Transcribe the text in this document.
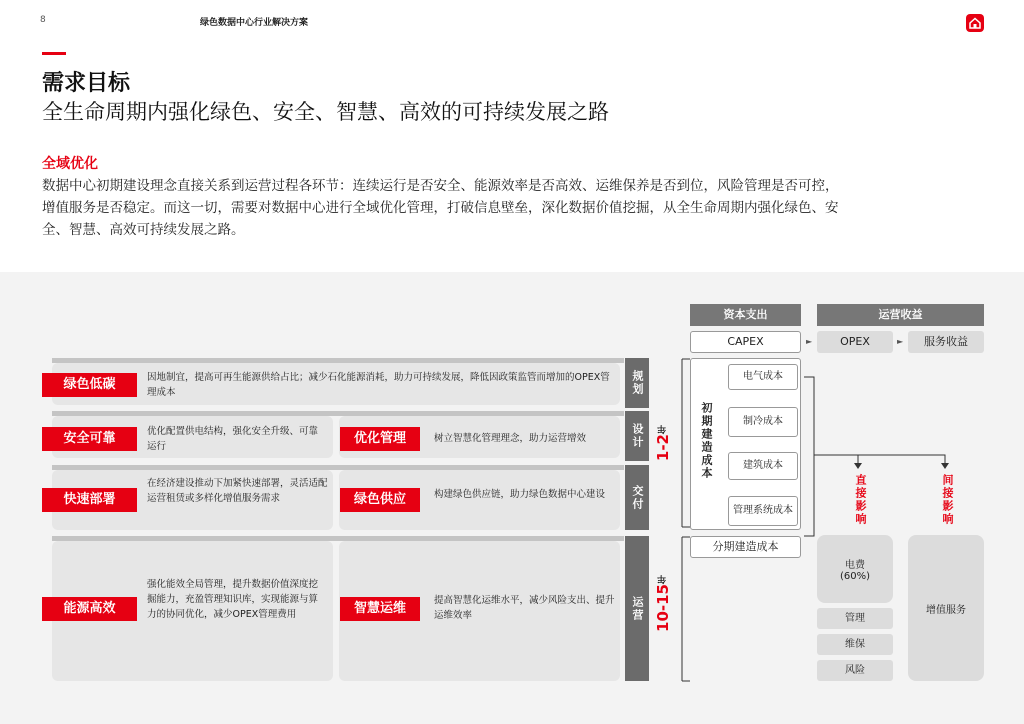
8	绿色数据中心行业解决方案
需求目标
全生命周期内强化绿色、安全、智慧、高效的可持续发展之路
全域优化
数据中心初期建设理念直接关系到运营过程各环节：连续运行是否安全、能源效率是否高效、运维保养是否到位，风险管理是否可控，增值服务是否稳定。而这一切，需要对数据中心进行全域优化管理，打破信息壁垒，深化数据价值挖掘，从全生命周期内强化绿色、安全、智慧、高效可持续发展之路。
绿色低碳	因地制宜，提高可再生能源供给占比；减少石化能源消耗，助力可持续发展，降低因政策监管而增加的OPEX管理成本	规划
安全可靠	优化配置供电结构，强化安全升级、可靠运行
优化管理	树立智慧化管理理念，助力运营增效	设计
快速部署
在经济建设推动下加紧快速部署，灵活适配运营租赁或多样化增值服务需求	绿色供应	构建绿色供应链，助力绿色数据中心建设	交付
能源高效
强化能效全局管理，提升数据价值深度挖掘能力，充盈管理知识库，实现能源与算力的协同优化，减少OPEX管理费用	智慧运维
提高智慧化运维水平，减少风险支出、提升运维效率	运营
1-2年
10-15年
资本支出	运营收益
CAPEX	►	OPEX	►	服务收益
初期建造成本
电气成本
制冷成本
建筑成本
管理系统成本
分期建造成本
直接影响	间接影响
电费
(60%)
管理
维保
风险
增值服务
